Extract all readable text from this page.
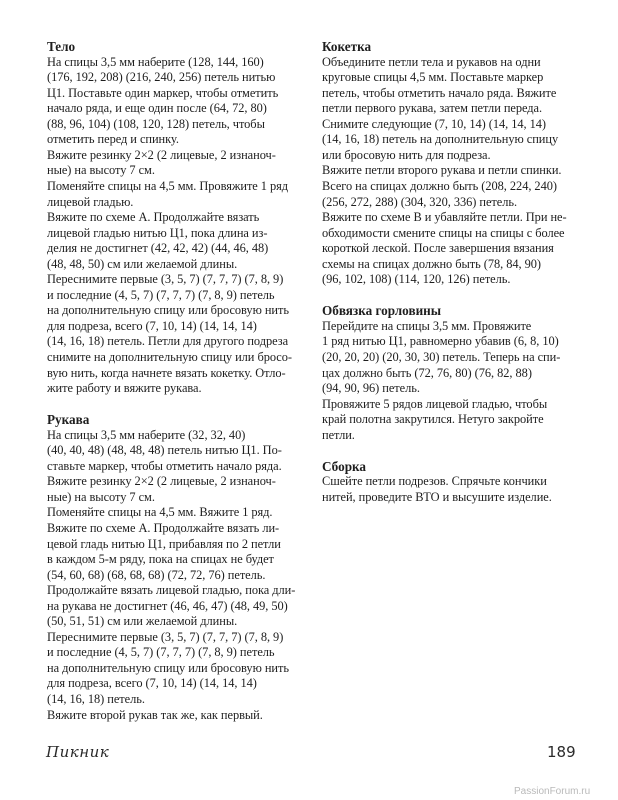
Тело

На спицы 3,5 мм наберите (128, 144, 160)
(176, 192, 208) (216, 240, 256) петель нитью
Ц1. Поставьте один маркер, чтобы отметить
начало ряда, и еще один после (64, 72, 80)
(88, 96, 104) (108, 120, 128) петель, чтобы
отметить перед и спинку.

Вяжите резинку 2×2 (2 лицевые, 2 изнаноч-
ные) на высоту 7 см.

Поменяйте спицы на 4,5 мм. Провяжите 1 ряд
лицевой гладью.

Вяжите по схеме А. Продолжайте вязать
лицевой гладью нитью Ц1, пока длина из-
делия не достигнет (42, 42, 42) (44, 46, 48)
(48, 48, 50) см или желаемой длины.

Переснимите первые (3, 5, 7) (7, 7, 7) (7, 8, 9)
и последние (4, 5, 7) (7, 7, 7) (7, 8, 9) петель
на дополнительную спицу или бросовую нить
для подреза, всего (7, 10, 14) (14, 14, 14)
(14, 16, 18) петель. Петли для другого подреза
снимите на дополнительную спицу или бросо-
вую нить, когда начнете вязать кокетку. Отло-
жите работу и вяжите рукава.

Рукава

На спицы 3,5 мм наберите (32, 32, 40)
(40, 40, 48) (48, 48, 48) петель нитью Ц1. По-
ставьте маркер, чтобы отметить начало ряда.

Вяжите резинку 2×2 (2 лицевые, 2 изнаноч-
ные) на высоту 7 см.

Поменяйте спицы на 4,5 мм. Вяжите 1 ряд.

Вяжите по схеме А. Продолжайте вязать ли-
цевой гладь нитью Ц1, прибавляя по 2 петли
в каждом 5-м ряду, пока на спицах не будет
(54, 60, 68) (68, 68, 68) (72, 72, 76) петель.

Продолжайте вязать лицевой гладью, пока дли-
на рукава не достигнет (46, 46, 47) (48, 49, 50)
(50, 51, 51) см или желаемой длины.

Переснимите первые (3, 5, 7) (7, 7, 7) (7, 8, 9)
и последние (4, 5, 7) (7, 7, 7) (7, 8, 9) петель
на дополнительную спицу или бросовую нить
для подреза, всего (7, 10, 14) (14, 14, 14)
(14, 16, 18) петель.

Вяжите второй рукав так же, как первый.

Кокетка

Объедините петли тела и рукавов на одни
круговые спицы 4,5 мм. Поставьте маркер
петель, чтобы отметить начало ряда. Вяжите
петли первого рукава, затем петли переда.

Снимите следующие (7, 10, 14) (14, 14, 14)
(14, 16, 18) петель на дополнительную спицу
или бросовую нить для подреза.

Вяжите петли второго рукава и петли спинки.
Всего на спицах должно быть (208, 224, 240)
(256, 272, 288) (304, 320, 336) петель.

Вяжите по схеме В и убавляйте петли. При не-
обходимости смените спицы на спицы с более
короткой леской. После завершения вязания
схемы на спицах должно быть (78, 84, 90)
(96, 102, 108) (114, 120, 126) петель.

Обвязка горловины

Перейдите на спицы 3,5 мм. Провяжите
1 ряд нитью Ц1, равномерно убавив (6, 8, 10)
(20, 20, 20) (20, 30, 30) петель. Теперь на спи-
цах должно быть (72, 76, 80) (76, 82, 88)
(94, 90, 96) петель.

Провяжите 5 рядов лицевой гладью, чтобы
край полотна закрутился. Нетуго закройте
петли.

Сборка

Сшейте петли подрезов. Спрячьте кончики
нитей, проведите ВТО и высушите изделие.

Пикник	189
PassionForum.ru
